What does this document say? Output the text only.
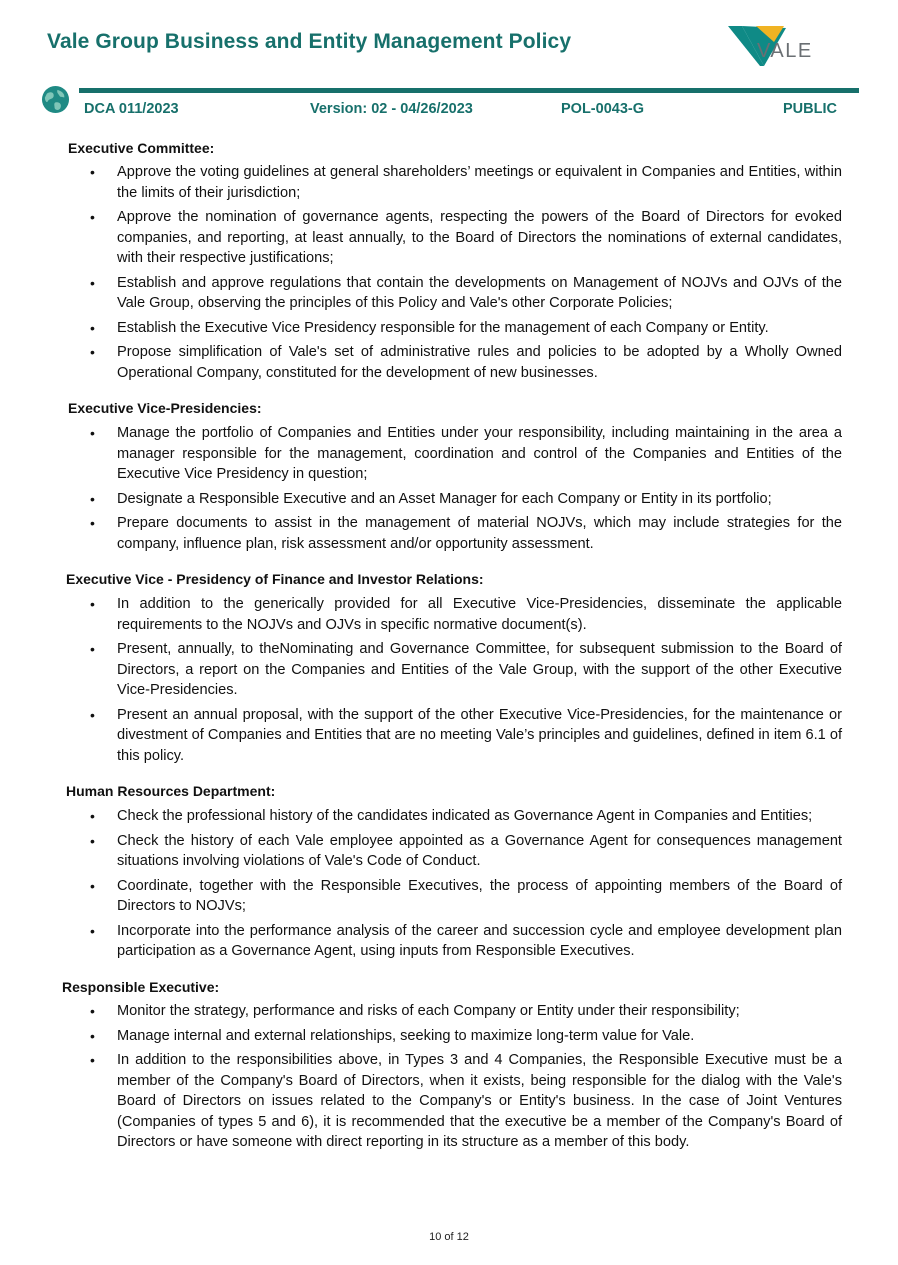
Vale Group Business and Entity Management Policy	VALE
DCA 011/2023	Version: 02 - 04/26/2023	POL-0043-G	PUBLIC
Executive Committee:
• Approve the voting guidelines at general shareholders’ meetings or equivalent in Companies and Entities, within the limits of their jurisdiction;
• Approve the nomination of governance agents, respecting the powers of the Board of Directors for evoked companies, and reporting, at least annually, to the Board of Directors the nominations of external candidates, with their respective justifications;
• Establish and approve regulations that contain the developments on Management of NOJVs and OJVs of the Vale Group, observing the principles of this Policy and Vale's other Corporate Policies;
• Establish the Executive Vice Presidency responsible for the management of each Company or Entity.
• Propose simplification of Vale's set of administrative rules and policies to be adopted by a Wholly Owned Operational Company, constituted for the development of new businesses.
Executive Vice-Presidencies:
• Manage the portfolio of Companies and Entities under your responsibility, including maintaining in the area a manager responsible for the management, coordination and control of the Companies and Entities of the Executive Vice Presidency in question;
• Designate a Responsible Executive and an Asset Manager for each Company or Entity in its portfolio;
• Prepare documents to assist in the management of material NOJVs, which may include strategies for the company, influence plan, risk assessment and/or opportunity assessment.
Executive Vice - Presidency of Finance and Investor Relations:
• In addition to the generically provided for all Executive Vice-Presidencies, disseminate the applicable requirements to the NOJVs and OJVs in specific normative document(s).
• Present, annually, to theNominating and Governance Committee, for subsequent submission to the Board of Directors, a report on the Companies and Entities of the Vale Group, with the support of the other Executive Vice-Presidencies.
• Present an annual proposal, with the support of the other Executive Vice-Presidencies, for the maintenance or divestment of Companies and Entities that are no meeting Vale’s principles and guidelines, defined in item 6.1 of this policy.
Human Resources Department:
• Check the professional history of the candidates indicated as Governance Agent in Companies and Entities;
• Check the history of each Vale employee appointed as a Governance Agent for consequences management situations involving violations of Vale's Code of Conduct.
• Coordinate, together with the Responsible Executives, the process of appointing members of the Board of Directors to NOJVs;
• Incorporate into the performance analysis of the career and succession cycle and employee development plan participation as a Governance Agent, using inputs from Responsible Executives.
Responsible Executive:
• Monitor the strategy, performance and risks of each Company or Entity under their responsibility;
• Manage internal and external relationships, seeking to maximize long-term value for Vale.
• In addition to the responsibilities above, in Types 3 and 4 Companies, the Responsible Executive must be a member of the Company's Board of Directors, when it exists, being responsible for the dialog with the Vale's Board of Directors on issues related to the Company's or Entity's business. In the case of Joint Ventures (Companies of types 5 and 6), it is recommended that the executive be a member of the Company's Board of Directors or have someone with direct reporting in its structure as a member of this body.
10 of 12
